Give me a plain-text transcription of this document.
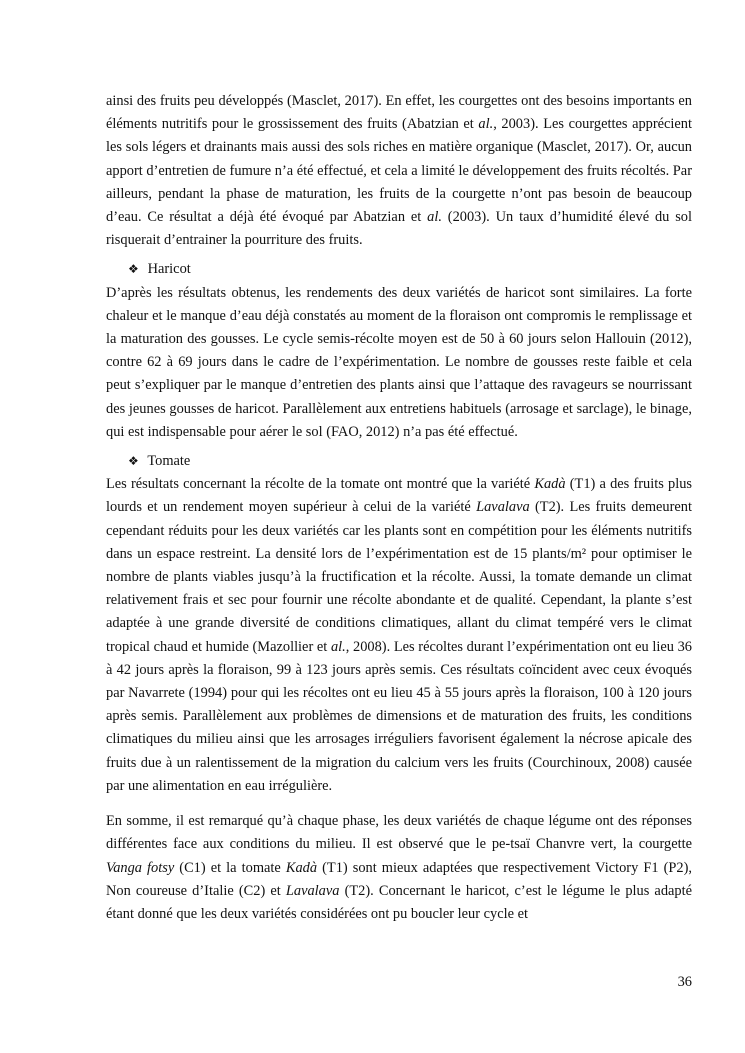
ainsi des fruits peu développés (Masclet, 2017). En effet, les courgettes ont des besoins importants en éléments nutritifs pour le grossissement des fruits (Abatzian et al., 2003). Les courgettes apprécient les sols légers et drainants mais aussi des sols riches en matière organique (Masclet, 2017). Or, aucun apport d’entretien de fumure n’a été effectué, et cela a limité le développement des fruits récoltés. Par ailleurs, pendant la phase de maturation, les fruits de la courgette n’ont pas besoin de beaucoup d’eau. Ce résultat a déjà été évoqué par Abatzian et al. (2003). Un taux d’humidité élevé du sol risquerait d’entrainer la pourriture des fruits.

❖ Haricot

D’après les résultats obtenus, les rendements des deux variétés de haricot sont similaires. La forte chaleur et le manque d’eau déjà constatés au moment de la floraison ont compromis le remplissage et la maturation des gousses. Le cycle semis-récolte moyen est de 50 à 60 jours selon Hallouin (2012), contre 62 à 69 jours dans le cadre de l’expérimentation. Le nombre de gousses reste faible et cela peut s’expliquer par le manque d’entretien des plants ainsi que l’attaque des ravageurs se nourrissant des jeunes gousses de haricot. Parallèlement aux entretiens habituels (arrosage et sarclage), le binage, qui est indispensable pour aérer le sol (FAO, 2012) n’a pas été effectué.

❖ Tomate

Les résultats concernant la récolte de la tomate ont montré que la variété Kadà (T1) a des fruits plus lourds et un rendement moyen supérieur à celui de la variété Lavalava (T2). Les fruits demeurent cependant réduits pour les deux variétés car les plants sont en compétition pour les éléments nutritifs dans un espace restreint. La densité lors de l’expérimentation est de 15 plants/m² pour optimiser le nombre de plants viables jusqu’à la fructification et la récolte. Aussi, la tomate demande un climat relativement frais et sec pour fournir une récolte abondante et de qualité. Cependant, la plante s’est adaptée à une grande diversité de conditions climatiques, allant du climat tempéré vers le climat tropical chaud et humide (Mazollier et al., 2008). Les récoltes durant l’expérimentation ont eu lieu 36 à 42 jours après la floraison, 99 à 123 jours après semis. Ces résultats coïncident avec ceux évoqués par Navarrete (1994) pour qui les récoltes ont eu lieu 45 à 55 jours après la floraison, 100 à 120 jours après semis. Parallèlement aux problèmes de dimensions et de maturation des fruits, les conditions climatiques du milieu ainsi que les arrosages irréguliers favorisent également la nécrose apicale des fruits due à un ralentissement de la migration du calcium vers les fruits (Courchinoux, 2008) causée par une alimentation en eau irrégulière.

En somme, il est remarqué qu’à chaque phase, les deux variétés de chaque légume ont des réponses différentes face aux conditions du milieu. Il est observé que le pe-tsaï Chanvre vert, la courgette Vanga fotsy (C1) et la tomate Kadà (T1) sont mieux adaptées que respectivement Victory F1 (P2), Non coureuse d’Italie (C2) et Lavalava (T2). Concernant le haricot, c’est le légume le plus adapté étant donné que les deux variétés considérées ont pu boucler leur cycle et

36
